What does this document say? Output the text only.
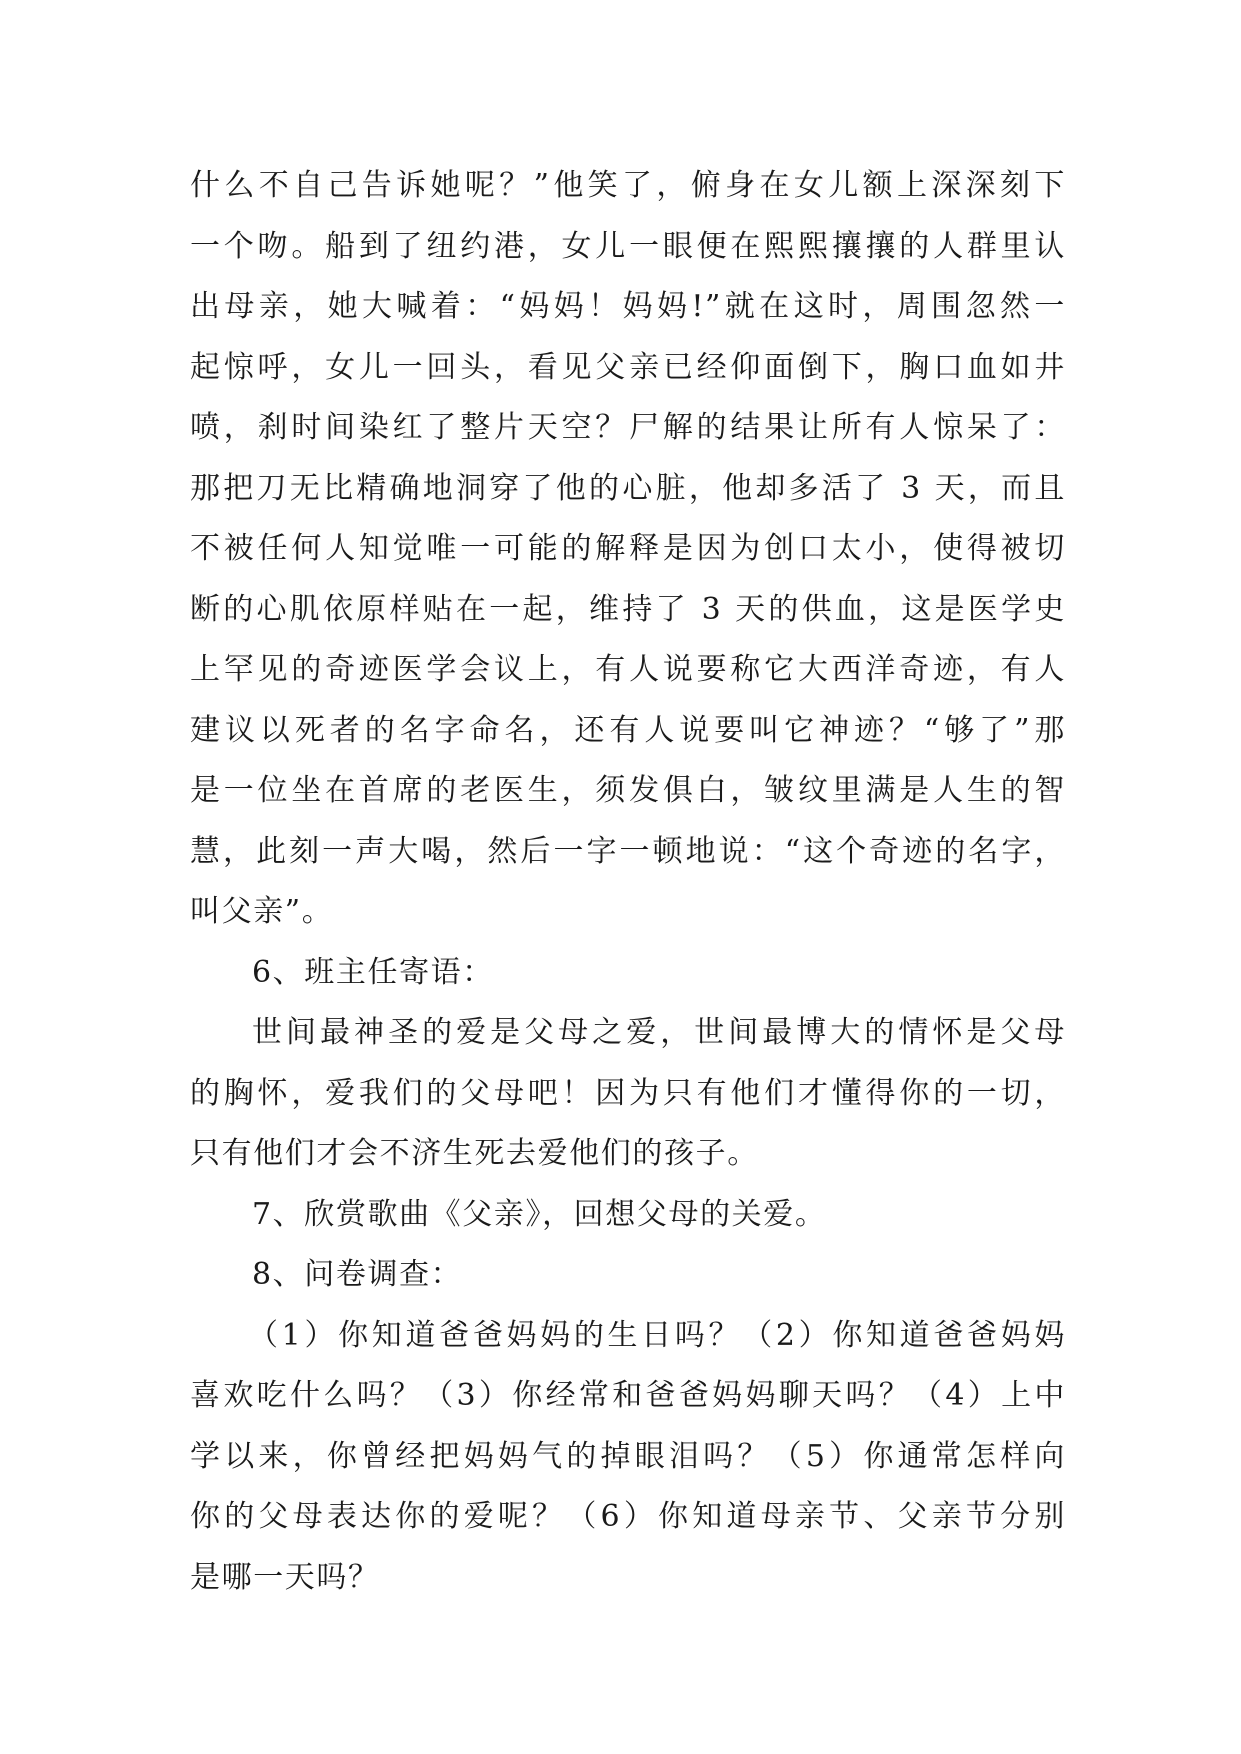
什么不自己告诉她呢？”他笑了，俯身在女儿额上深深刻下
一个吻。船到了纽约港，女儿一眼便在熙熙攘攘的人群里认
出母亲，她大喊着：“妈妈！妈妈!”就在这时，周围忽然一
起惊呼，女儿一回头，看见父亲已经仰面倒下，胸口血如井
喷，刹时间染红了整片天空？尸解的结果让所有人惊呆了：
那把刀无比精确地洞穿了他的心脏，他却多活了 3 天，而且
不被任何人知觉唯一可能的解释是因为创口太小，使得被切
断的心肌依原样贴在一起，维持了 3 天的供血，这是医学史
上罕见的奇迹医学会议上，有人说要称它大西洋奇迹，有人
建议以死者的名字命名，还有人说要叫它神迹？“够了”那
是一位坐在首席的老医生，须发俱白，皱纹里满是人生的智
慧，此刻一声大喝，然后一字一顿地说：“这个奇迹的名字，
叫父亲”。
6、班主任寄语：
世间最神圣的爱是父母之爱，世间最博大的情怀是父母
的胸怀，爱我们的父母吧！因为只有他们才懂得你的一切，
只有他们才会不济生死去爱他们的孩子。
7、欣赏歌曲《父亲》，回想父母的关爱。
8、问卷调查：
（1）你知道爸爸妈妈的生日吗？（2）你知道爸爸妈妈
喜欢吃什么吗？（3）你经常和爸爸妈妈聊天吗？（4）上中
学以来，你曾经把妈妈气的掉眼泪吗？（5）你通常怎样向
你的父母表达你的爱呢？（6）你知道母亲节、父亲节分别
是哪一天吗？
